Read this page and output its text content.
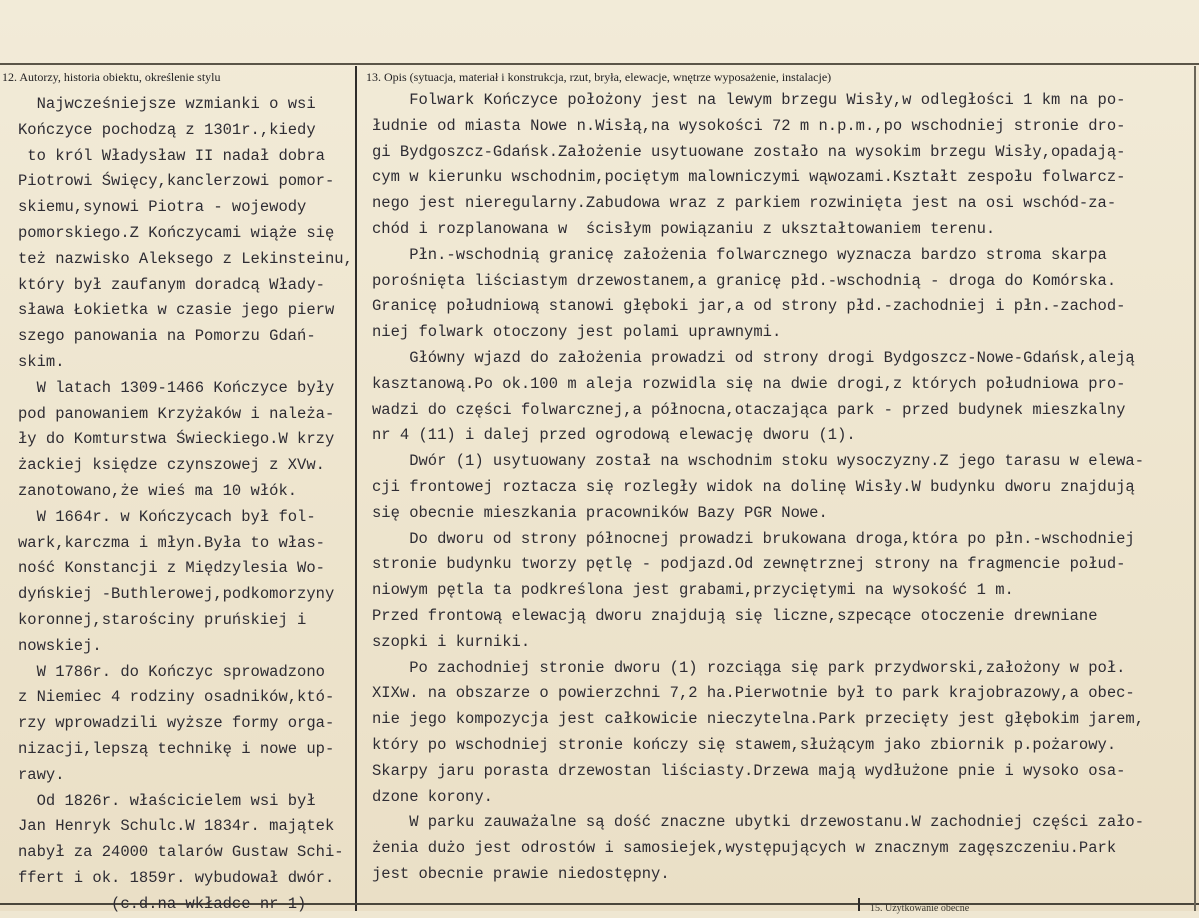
12. Autorzy, historia obiektu, określenie stylu	13. Opis (sytuacja, materiał i konstrukcja, rzut, bryła, elewacje, wnętrze wyposażenie, instalacje)
Najwcześniejsze wzmianki o wsi
Kończyce pochodzą z 1301r.,kiedy
to król Władysław II nadał dobra
Piotrowi Święcy,kanclerzowi pomor-
skiemu,synowi Piotra - wojewody
pomorskiego.Z Kończycami wiąże się
też nazwisko Aleksego z Lekinsteinu,
który był zaufanym doradcą Włady-
sława Łokietka w czasie jego pierw
szego panowania na Pomorzu Gdań-
skim.
W latach 1309-1466 Kończyce były
pod panowaniem Krzyżaków i należa-
ły do Komturstwa Świeckiego.W krzy
żackiej księdze czynszowej z XVw.
zanotowano,że wieś ma 10 włók.
W 1664r. w Kończycach był fol-
wark,karczma i młyn.Była to włas-
ność Konstancji z Międzylesia Wo-
dyńskiej -Buthlerowej,podkomorzyny
koronnej,starościny pruńskiej i
nowskiej.
W 1786r. do Kończyc sprowadzono
z Niemiec 4 rodziny osadników,któ-
rzy wprowadzili wyższe formy orga-
nizacji,lepszą technikę i nowe up-
rawy.
Od 1826r. właścicielem wsi był
Jan Henryk Schulc.W 1834r. majątek
nabył za 24000 talarów Gustaw Schi-
ffert i ok. 1859r. wybudował dwór.
(c.d.na wkładce nr 1)
Folwark Kończyce położony jest na lewym brzegu Wisły,w odległości 1 km na po-
łudnie od miasta Nowe n.Wisłą,na wysokości 72 m n.p.m.,po wschodniej stronie dro-
gi Bydgoszcz-Gdańsk.Założenie usytuowane zostało na wysokim brzegu Wisły,opadają-
cym w kierunku wschodnim,pociętym malowniczymi wąwozami.Kształt zespołu folwarcz-
nego jest nieregularny.Zabudowa wraz z parkiem rozwinięta jest na osi wschód-za-
chód i rozplanowana w  ścisłym powiązaniu z ukształtowaniem terenu.
Płn.-wschodnią granicę założenia folwarcznego wyznacza bardzo stroma skarpa
porośnięta liściastym drzewostanem,a granicę płd.-wschodnią - droga do Komórska.
Granicę południową stanowi głęboki jar,a od strony płd.-zachodniej i płn.-zachod-
niej folwark otoczony jest polami uprawnymi.
Główny wjazd do założenia prowadzi od strony drogi Bydgoszcz-Nowe-Gdańsk,aleją
kasztanową.Po ok.100 m aleja rozwidla się na dwie drogi,z których południowa pro-
wadzi do części folwarcznej,a północna,otaczająca park - przed budynek mieszkalny
nr 4 (11) i dalej przed ogrodową elewację dworu (1).
Dwór (1) usytuowany został na wschodnim stoku wysoczyzny.Z jego tarasu w elewa-
cji frontowej roztacza się rozległy widok na dolinę Wisły.W budynku dworu znajdują
się obecnie mieszkania pracowników Bazy PGR Nowe.
Do dworu od strony północnej prowadzi brukowana droga,która po płn.-wschodniej
stronie budynku tworzy pętlę - podjazd.Od zewnętrznej strony na fragmencie połud-
niowym pętla ta podkreślona jest grabami,przyciętymi na wysokość 1 m.
Przed frontową elewacją dworu znajdują się liczne,szpecące otoczenie drewniane
szopki i kurniki.
Po zachodniej stronie dworu (1) rozciąga się park przydworski,założony w poł.
XIXw. na obszarze o powierzchni 7,2 ha.Pierwotnie był to park krajobrazowy,a obec-
nie jego kompozycja jest całkowicie nieczytelna.Park przecięty jest głębokim jarem,
który po wschodniej stronie kończy się stawem,służącym jako zbiornik p.pożarowy.
Skarpy jaru porasta drzewostan liściasty.Drzewa mają wydłużone pnie i wysoko osa-
dzone korony.
W parku zauważalne są dość znaczne ubytki drzewostanu.W zachodniej części zało-
żenia dużo jest odrostów i samosiejek,występujących w znacznym zagęszczeniu.Park
jest obecnie prawie niedostępny.
15. Użytkowanie obecne
